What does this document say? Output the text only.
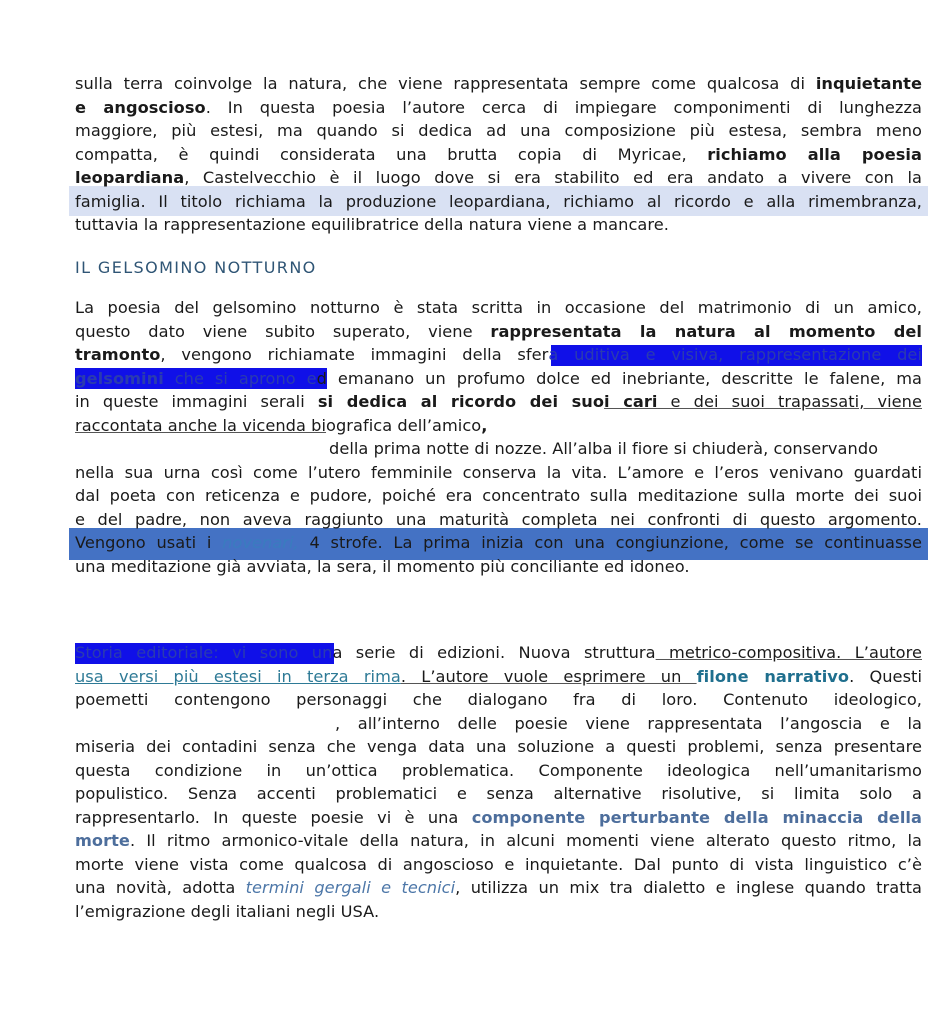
sulla terra coinvolge la natura, che viene rappresentata sempre come qualcosa di inquietante
e angoscioso. In questa poesia l’autore cerca di impiegare componimenti di lunghezza
maggiore, più estesi, ma quando si dedica ad una composizione più estesa, sembra meno
compatta, è quindi considerata una brutta copia di Myricae, richiamo alla poesia
leopardiana, Castelvecchio è il luogo dove si era stabilito ed era andato a vivere con la
famiglia. Il titolo richiama la produzione leopardiana, richiamo al ricordo e alla rimembranza,
tuttavia la rappresentazione equilibratrice della natura viene a mancare.
IL GELSOMINO NOTTURNO
La poesia del gelsomino notturno è stata scritta in occasione del matrimonio di un amico,
questo dato viene subito superato, viene rappresentata la natura al momento del
tramonto, vengono richiamate immagini della sfera uditiva e visiva, rappresentazione dei
gelsomini che si aprono ed emanano un profumo dolce ed inebriante, descritte le falene, ma
in queste immagini serali si dedica al ricordo dei suoi cari e dei suoi trapassati, viene
raccontata anche la vicenda biografica dell’amico,
della prima notte di nozze. All’alba il fiore si chiuderà, conservando
nella sua urna così come l’utero femminile conserva la vita. L’amore e l’eros venivano guardati
dal poeta con reticenza e pudore, poiché era concentrato sulla meditazione sulla morte dei suoi
e del padre, non aveva raggiunto una maturità completa nei confronti di questo argomento.
Vengono usati i novenari, 4 strofe. La prima inizia con una congiunzione, come se continuasse
una meditazione già avviata, la sera, il momento più conciliante ed idoneo.
Storia editoriale: vi sono una serie di edizioni. Nuova struttura metrico-compositiva. L’autore
usa versi più estesi in terza rima. L’autore vuole esprimere un filone narrativo. Questi
poemetti contengono personaggi che dialogano fra di loro. Contenuto ideologico,
, all’interno delle poesie viene rappresentata l’angoscia e la
miseria dei contadini senza che venga data una soluzione a questi problemi, senza presentare
questa condizione in un’ottica problematica. Componente ideologica nell’umanitarismo
populistico. Senza accenti problematici e senza alternative risolutive, si limita solo a
rappresentarlo. In queste poesie vi è una componente perturbante della minaccia della
morte. Il ritmo armonico-vitale della natura, in alcuni momenti viene alterato questo ritmo, la
morte viene vista come qualcosa di angoscioso e inquietante. Dal punto di vista linguistico c’è
una novità, adotta termini gergali e tecnici, utilizza un mix tra dialetto e inglese quando tratta
l’emigrazione degli italiani negli USA.
